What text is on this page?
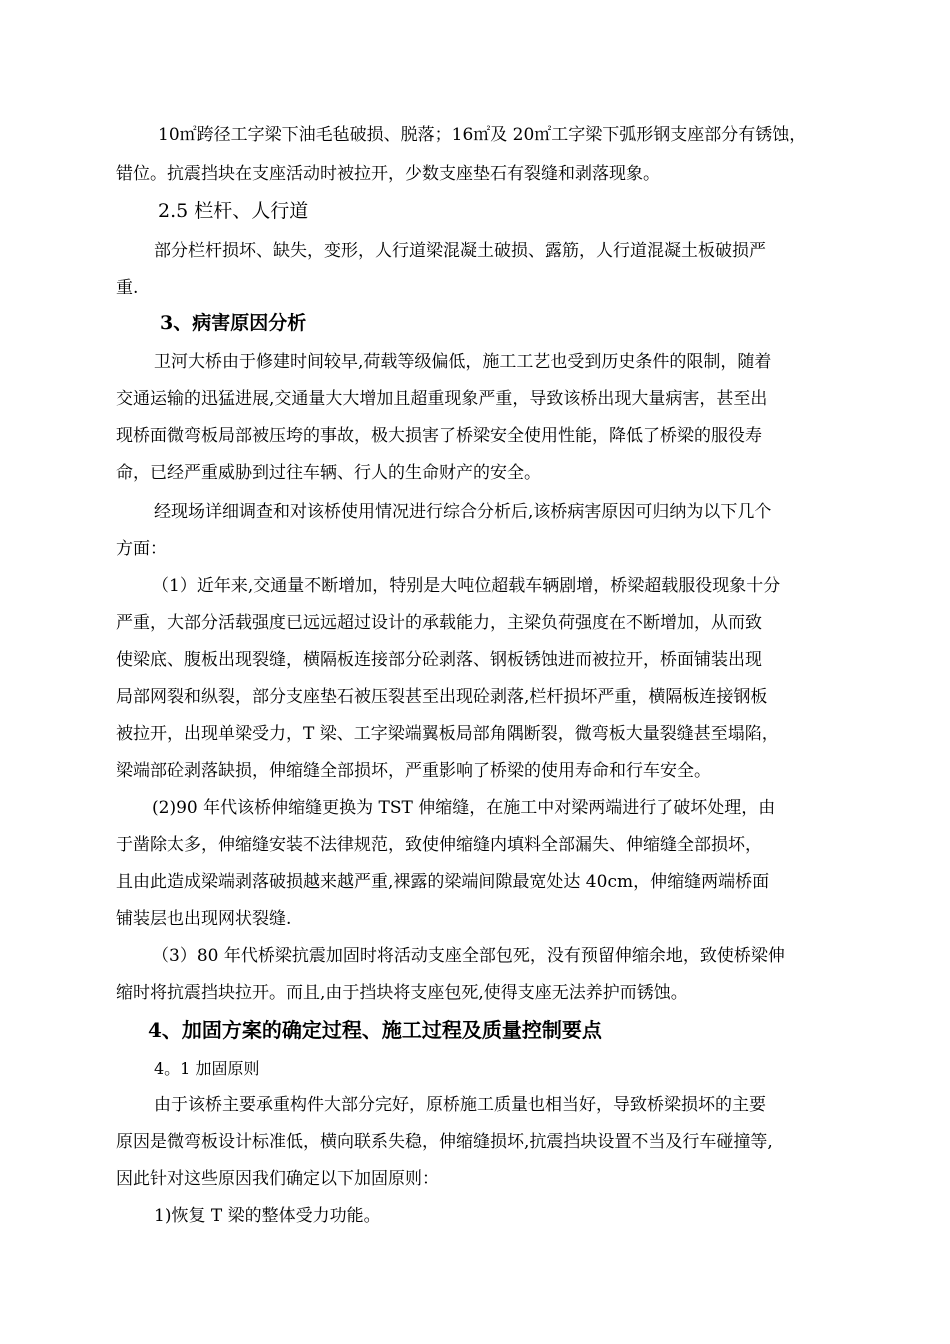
10㎡跨径工字梁下油毛毡破损、脱落；16㎡及 20㎡工字梁下弧形钢支座部分有锈蚀，
错位。抗震挡块在支座活动时被拉开，少数支座垫石有裂缝和剥落现象。
2.5 栏杆、人行道
部分栏杆损坏、缺失，变形，人行道梁混凝土破损、露筋，人行道混凝土板破损严
重.
3、病害原因分析
卫河大桥由于修建时间较早,荷载等级偏低，施工工艺也受到历史条件的限制，随着
交通运输的迅猛进展,交通量大大增加且超重现象严重，导致该桥出现大量病害，甚至出
现桥面微弯板局部被压垮的事故，极大损害了桥梁安全使用性能，降低了桥梁的服役寿
命，已经严重威胁到过往车辆、行人的生命财产的安全。
经现场详细调查和对该桥使用情况进行综合分析后,该桥病害原因可归纳为以下几个
方面：
（1）近年来,交通量不断增加，特别是大吨位超载车辆剧增，桥梁超载服役现象十分
严重，大部分活载强度已远远超过设计的承载能力，主梁负荷强度在不断增加，从而致
使梁底、腹板出现裂缝，横隔板连接部分砼剥落、钢板锈蚀进而被拉开，桥面铺装出现
局部网裂和纵裂，部分支座垫石被压裂甚至出现砼剥落,栏杆损坏严重，横隔板连接钢板
被拉开，出现单梁受力，T 梁、工字梁端翼板局部角隅断裂，微弯板大量裂缝甚至塌陷，
梁端部砼剥落缺损，伸缩缝全部损坏，严重影响了桥梁的使用寿命和行车安全。
(2)90 年代该桥伸缩缝更换为 TST 伸缩缝，在施工中对梁两端进行了破坏处理，由
于凿除太多，伸缩缝安装不法律规范，致使伸缩缝内填料全部漏失、伸缩缝全部损坏，
且由此造成梁端剥落破损越来越严重,裸露的梁端间隙最宽处达 40cm，伸缩缝两端桥面
铺装层也出现网状裂缝.
（3）80 年代桥梁抗震加固时将活动支座全部包死，没有预留伸缩余地，致使桥梁伸
缩时将抗震挡块拉开。而且,由于挡块将支座包死,使得支座无法养护而锈蚀。
4、加固方案的确定过程、施工过程及质量控制要点
4。1 加固原则
由于该桥主要承重构件大部分完好，原桥施工质量也相当好，导致桥梁损坏的主要
原因是微弯板设计标准低，横向联系失稳，伸缩缝损坏,抗震挡块设置不当及行车碰撞等,
因此针对这些原因我们确定以下加固原则：
1)恢复 T 梁的整体受力功能。
